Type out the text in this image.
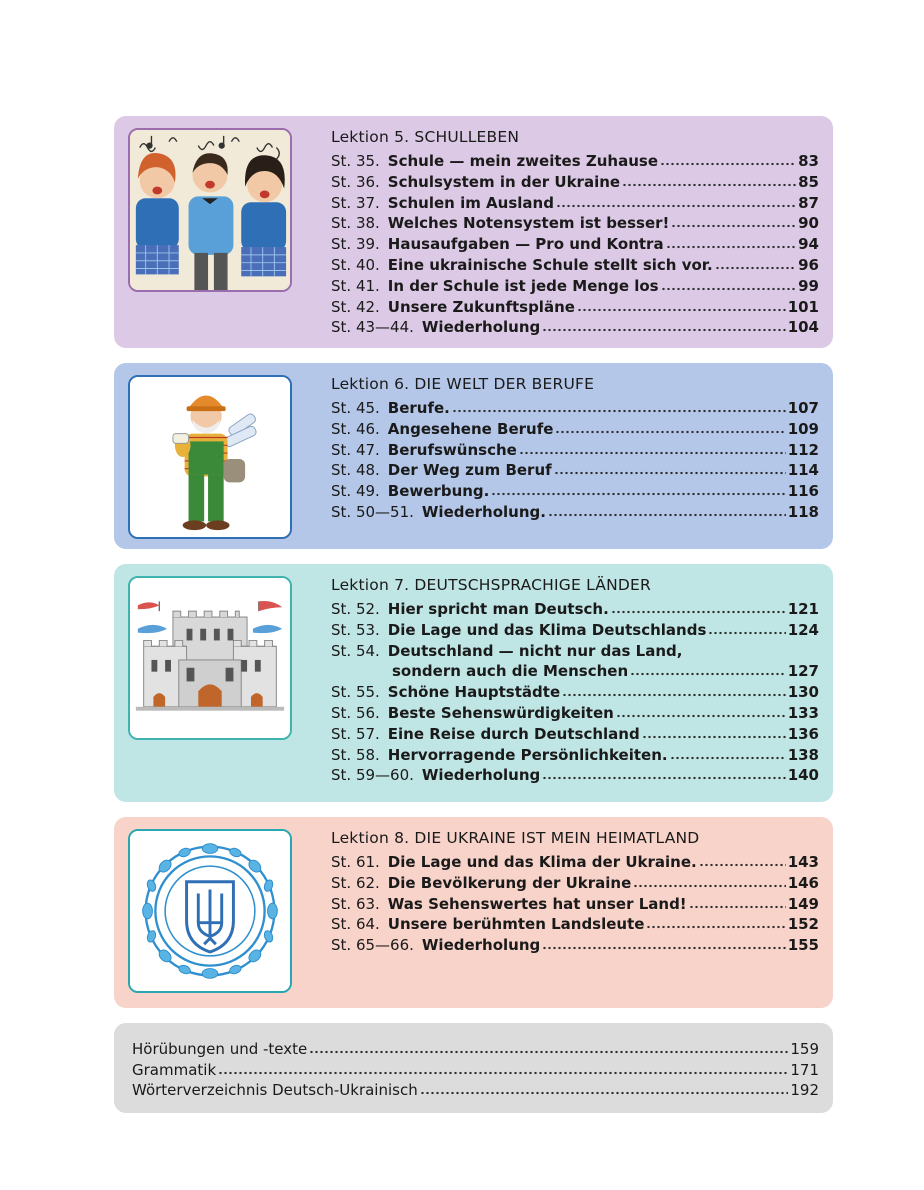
Lektion 5. SCHULLEBEN
St. 35. Schule — mein zweites Zuhause	83
St. 36. Schulsystem in der Ukraine	85
St. 37. Schulen im Ausland	87
St. 38. Welches Notensystem ist besser!	90
St. 39. Hausaufgaben — Pro und Kontra	94
St. 40. Eine ukrainische Schule stellt sich vor.	96
St. 41. In der Schule ist jede Menge los	99
St. 42. Unsere Zukunftspläne	101
St. 43—44. Wiederholung	104
Lektion 6. DIE WELT DER BERUFE
St. 45. Berufe.	107
St. 46. Angesehene Berufe	109
St. 47. Berufswünsche	112
St. 48. Der Weg zum Beruf	114
St. 49. Bewerbung.	116
St. 50—51. Wiederholung.	118
Lektion 7. DEUTSCHSPRACHIGE LÄNDER
St. 52. Hier spricht man Deutsch.	121
St. 53. Die Lage und das Klima Deutschlands	124
St. 54. Deutschland — nicht nur das Land,
sondern auch die Menschen	127
St. 55. Schöne Hauptstädte	130
St. 56. Beste Sehenswürdigkeiten	133
St. 57. Eine Reise durch Deutschland	136
St. 58. Hervorragende Persönlichkeiten.	138
St. 59—60. Wiederholung	140
Lektion 8. DIE UKRAINE IST MEIN HEIMATLAND
St. 61. Die Lage und das Klima der Ukraine.	143
St. 62. Die Bevölkerung der Ukraine	146
St. 63. Was Sehenswertes hat unser Land!	149
St. 64. Unsere berühmten Landsleute	152
St. 65—66. Wiederholung	155
Hörübungen und -texte	159
Grammatik	171
Wörterverzeichnis Deutsch-Ukrainisch	192
